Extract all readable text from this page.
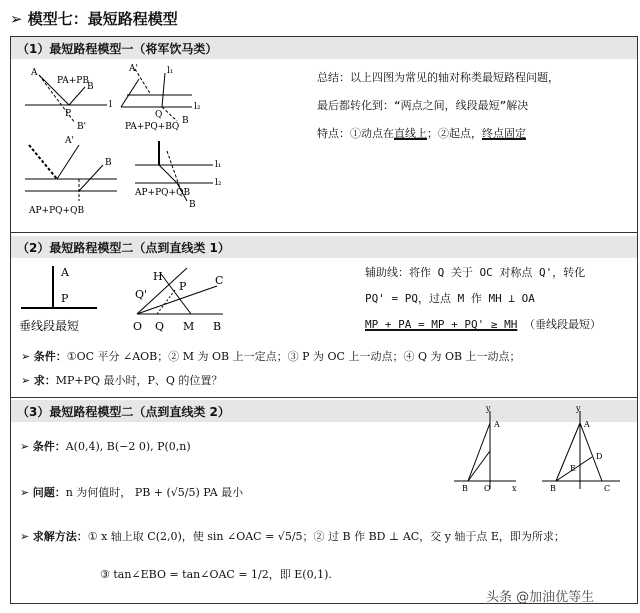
➢ 模型七：最短路程模型
（1）最短路程模型一（将军饮马类）
A
PA+PB
B
P
B'
l
A'	l₁
l₂
Q
B
PA+PQ+BQ
A'
B
AP+PQ+QB
l₁
l₂
B
AP+PQ+QB
总结：以上四图为常见的轴对称类最短路程问题，
最后都转化到：“两点之间，线段最短”解决
特点：①动点在直线上；②起点，终点固定
（2）最短路程模型二（点到直线类 1）
A
P
垂线段最短
H
Q'
P	C
O Q M B
辅助线：将作 Q 关于 OC 对称点 Q'，转化
PQ' = PQ，过点 M 作 MH ⊥ OA
MP + PA = MP + PQ' ≥ MH （垂线段最短）
➢ 条件：①OC 平分 ∠AOB；② M 为 OB 上一定点；③ P 为 OC 上一动点；④ Q 为 OB 上一动点；
➢ 求：MP+PQ 最小时，P、Q 的位置？
（3）最短路程模型二（点到直线类 2）
➢ 条件：A(0,4), B(−2 0), P(0,n)
➢ 问题：n 为何值时， PB + (√5/5) PA 最小
➢ 求解方法：① x 轴上取 C(2,0)，使 sin ∠OAC = √5/5；② 过 B 作 BD ⊥ AC，交 y 轴于点 E，即为所求；
③ tan∠EBO = tan∠OAC = 1/2，即 E(0,1).
y
A
B O	x
y
A
D
E
B	C
头条 @加油优等生
